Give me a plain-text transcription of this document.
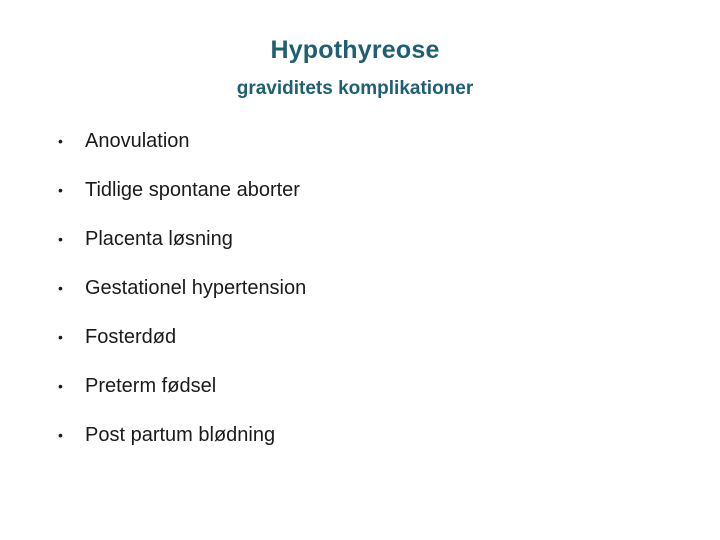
Hypothyreose
graviditets komplikationer
•	Anovulation
•	Tidlige spontane aborter
•	Placenta løsning
•	Gestationel hypertension
•	Fosterdød
•	Preterm fødsel
•	Post partum blødning
